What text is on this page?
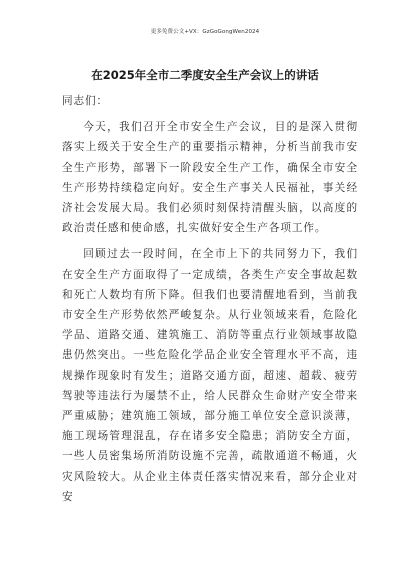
更多免费公文+VX：GzGoGongWen2024
在2025年全市二季度安全生产会议上的讲话

同志们：

今天，我们召开全市安全生产会议，目的是深入贯彻落实上级关于安全生产的重要指示精神，分析当前我市安全生产形势，部署下一阶段安全生产工作，确保全市安全生产形势持续稳定向好。安全生产事关人民福祉，事关经济社会发展大局。我们必须时刻保持清醒头脑，以高度的政治责任感和使命感，扎实做好安全生产各项工作。

回顾过去一段时间，在全市上下的共同努力下，我们在安全生产方面取得了一定成绩，各类生产安全事故起数和死亡人数均有所下降。但我们也要清醒地看到，当前我市安全生产形势依然严峻复杂。从行业领域来看，危险化学品、道路交通、建筑施工、消防等重点行业领域事故隐患仍然突出。一些危险化学品企业安全管理水平不高，违规操作现象时有发生；道路交通方面，超速、超载、疲劳驾驶等违法行为屡禁不止，给人民群众生命财产安全带来严重威胁；建筑施工领域，部分施工单位安全意识淡薄，施工现场管理混乱，存在诸多安全隐患；消防安全方面，一些人员密集场所消防设施不完善，疏散通道不畅通，火灾风险较大。从企业主体责任落实情况来看，部分企业对安
